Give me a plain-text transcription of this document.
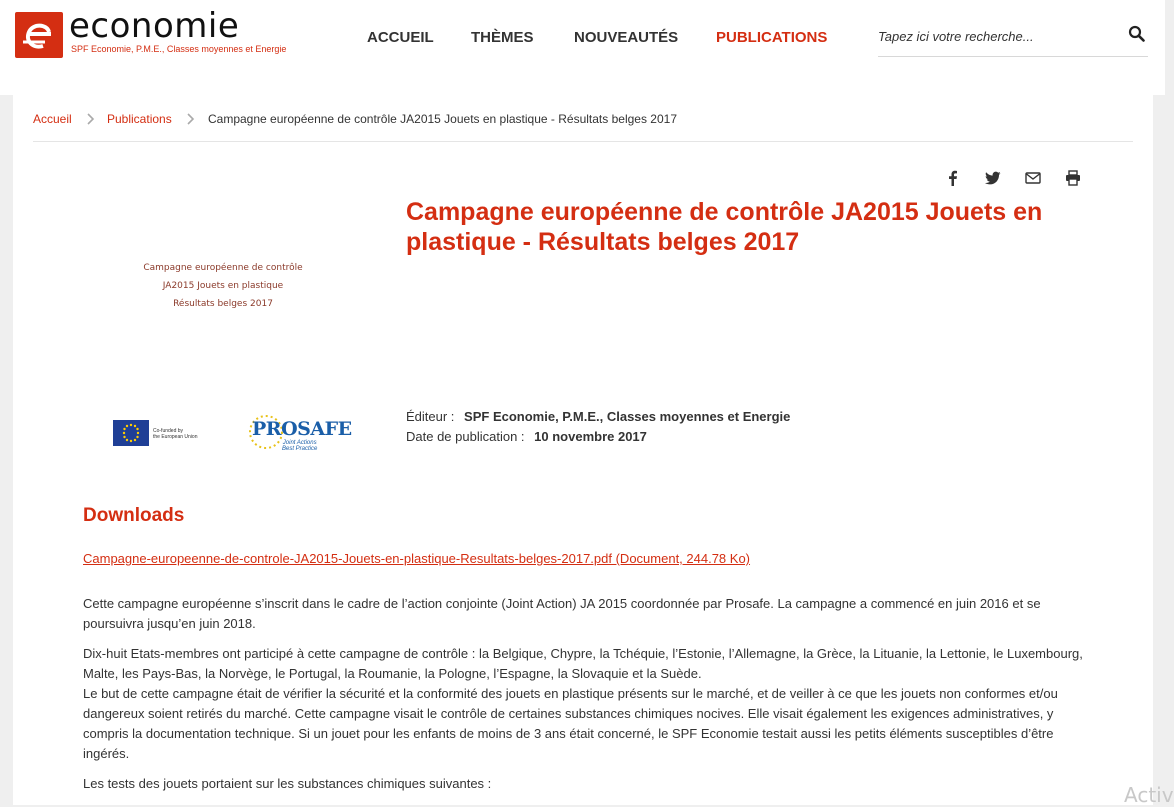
economie
SPF Economie, P.M.E., Classes moyennes et Energie
ACCUEIL THÈMES	NOUVEAUTÉS	PUBLICATIONS
Tapez ici votre recherche...
Accueil	Publications	Campagne européenne de contrôle JA2015 Jouets en plastique - Résultats belges 2017
Campagne européenne de contrôle
JA2015 Jouets en plastique
Résultats belges 2017
Co-funded by
the European Union	PROSAFE
Joint Actions
Best Practice
Campagne européenne de contrôle JA2015 Jouets en plastique - Résultats belges 2017
Éditeur : SPF Economie, P.M.E., Classes moyennes et Energie
Date de publication : 10 novembre 2017
Downloads
Campagne-europeenne-de-controle-JA2015-Jouets-en-plastique-Resultats-belges-2017.pdf (Document, 244.78 Ko)

Cette campagne européenne s’inscrit dans le cadre de l’action conjointe (Joint Action) JA 2015 coordonnée par Prosafe. La campagne a commencé en juin 2016 et se poursuivra jusqu’en juin 2018.

Dix-huit Etats-membres ont participé à cette campagne de contrôle : la Belgique, Chypre, la Tchéquie, l’Estonie, l’Allemagne, la Grèce, la Lituanie, la Lettonie, le Luxembourg, Malte, les Pays-Bas, la Norvège, le Portugal, la Roumanie, la Pologne, l’Espagne, la Slovaquie et la Suède.

Le but de cette campagne était de vérifier la sécurité et la conformité des jouets en plastique présents sur le marché, et de veiller à ce que les jouets non conformes et/ou dangereux soient retirés du marché. Cette campagne visait le contrôle de certaines substances chimiques nocives. Elle visait également les exigences administratives, y compris la documentation technique. Si un jouet pour les enfants de moins de 3 ans était concerné, le SPF Economie testait aussi les petits éléments susceptibles d’être ingérés.

Les tests des jouets portaient sur les substances chimiques suivantes :	Activ
